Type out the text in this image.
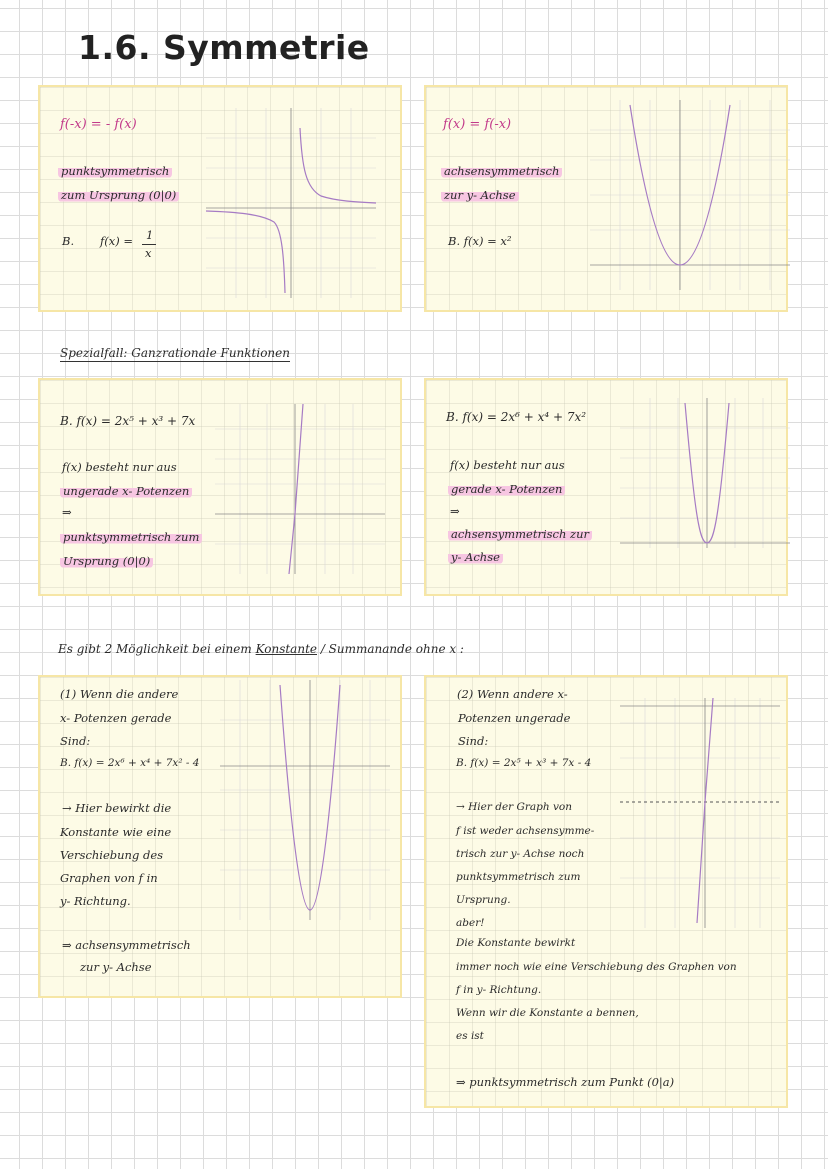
1.6. Symmetrie
f(-x) = - f(x)
punktsymmetrisch
zum Ursprung (0|0)
B. f(x) = 1
x
f(x) = f(-x)
achsensymmetrisch
zur y- Achse
B. f(x) = x²
Spezialfall: Ganzrationale Funktionen
B. f(x) = 2x⁵ + x³ + 7x
f(x) besteht nur aus
ungerade x- Potenzen
⇒
punktsymmetrisch zum
Ursprung (0|0)
B. f(x) = 2x⁶ + x⁴ + 7x²
f(x) besteht nur aus
gerade x- Potenzen
⇒
achsensymmetrisch zur
y- Achse
Es gibt 2 Möglichkeit bei einem Konstante / Summanande ohne x :
(1) Wenn die andere
x- Potenzen gerade
Sind:
B. f(x) = 2x⁶ + x⁴ + 7x² - 4
→ Hier bewirkt die
Konstante wie eine
Verschiebung des
Graphen von f in
y- Richtung.
⇒ achsensymmetrisch
zur y- Achse
(2) Wenn andere x-
Potenzen ungerade
Sind:
B. f(x) = 2x⁵ + x³ + 7x - 4
→ Hier der Graph von
f ist weder achsensymme-
trisch zur y- Achse noch
punktsymmetrisch zum
Ursprung.
aber!
Die Konstante bewirkt
immer noch wie eine Verschiebung des Graphen von
f in y- Richtung.
Wenn wir die Konstante a bennen,
es ist
⇒ punktsymmetrisch zum Punkt (0|a)
